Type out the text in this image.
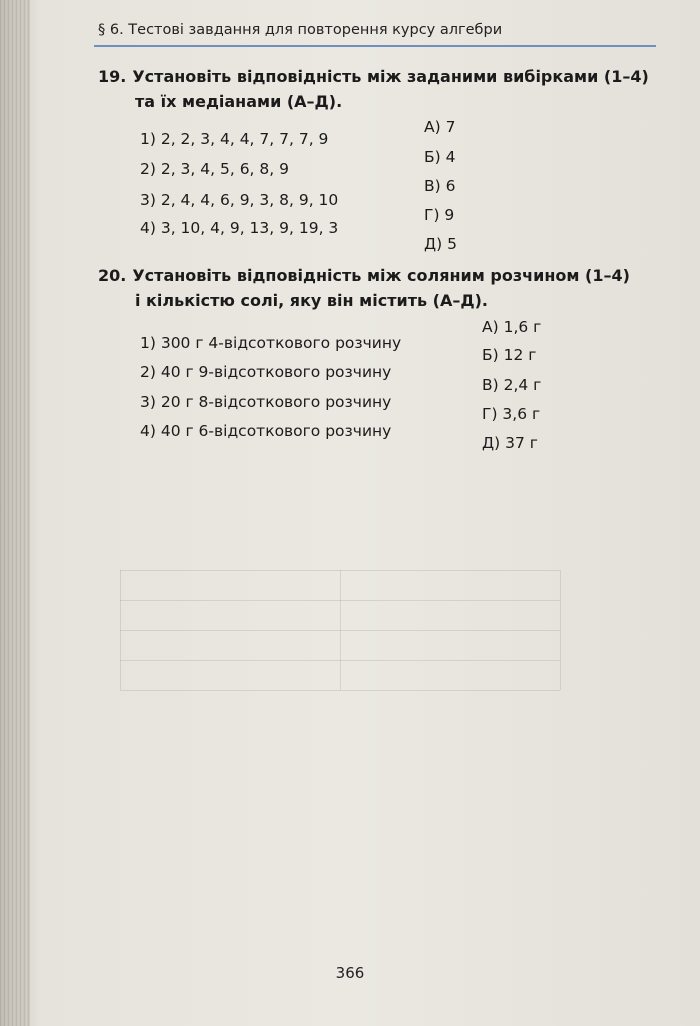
§ 6. Тестові завдання для повторення курсу алгебри
19. Установіть відповідність між заданими вибірками (1–4)
та їх медіанами (А–Д).
1) 2, 2, 3, 4, 4, 7, 7, 7, 9
2) 2, 3, 4, 5, 6, 8, 9
3) 2, 4, 4, 6, 9, 3, 8, 9, 10
4) 3, 10, 4, 9, 13, 9, 19, 3
А) 7
Б) 4
В) 6
Г) 9
Д) 5
20. Установіть відповідність між соляним розчином (1–4)
і кількістю солі, яку він містить (А–Д).
1) 300 г 4-відсоткового розчину
2) 40 г 9-відсоткового розчину
3) 20 г 8-відсоткового розчину
4) 40 г 6-відсоткового розчину
А) 1,6 г
Б) 12 г
В) 2,4 г
Г) 3,6 г
Д) 37 г
366
